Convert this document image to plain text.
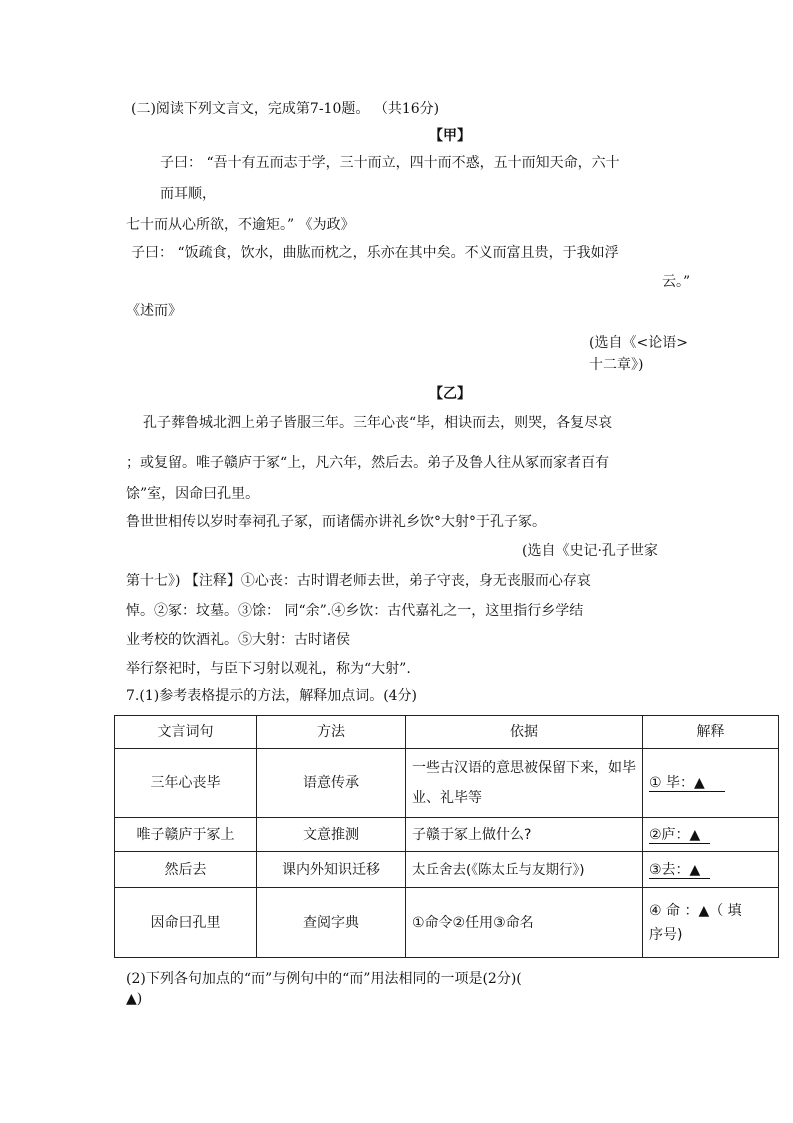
(二)阅读下列文言文，完成第7-10题。 （共16分)
【甲】
子曰： “吾十有五而志于学，三十而立，四十而不惑，五十而知天命，六十
而耳顺，
七十而从心所欲，不逾矩。” 《为政》
子曰： “饭疏食，饮水，曲肱而枕之，乐亦在其中矣。不义而富且贵，于我如浮
云。”
《述而》
(选自《<论语>
十二章》)
【乙】
孔子葬鲁城北泗上弟子皆服三年。三年心丧“毕，相诀而去，则哭，各复尽哀
；或复留。唯子赣庐于冢“上，凡六年，然后去。弟子及鲁人往从冢而家者百有
馀”室，因命曰孔里。
鲁世世相传以岁时奉祠孔子冢，而诸儒亦讲礼乡饮°大射°于孔子冢。
(选自《史记·孔子世家
第十七》) 【注释】①心丧：古时谓老师去世，弟子守丧，身无丧服而心存哀
悼。②冢：坟墓。③馀： 同“余”.④乡饮：古代嘉礼之一，这里指行乡学结
业考校的饮酒礼。⑤大射：古时诸侯
举行祭祀时，与臣下习射以观礼，称为“大射”.
7.(1)参考表格提示的方法，解释加点词。(4分)
文言词句	方法	依据	解释
三年心丧毕	语意传承	一些古汉语的意思被保留下来，如毕业、礼毕等	① 毕：▲
唯子赣庐于冢上	文意推测	子赣于冢上做什么?	②庐：▲
然后去	课内外知识迁移	太丘舍去(《陈太丘与友期行》)	③去：▲
因命曰孔里	查阅字典	①命令②任用③命名	④ 命 ：▲（ 填
序号)
(2)下列各句加点的“而”与例句中的“而”用法相同的一项是(2分)(
▲)
